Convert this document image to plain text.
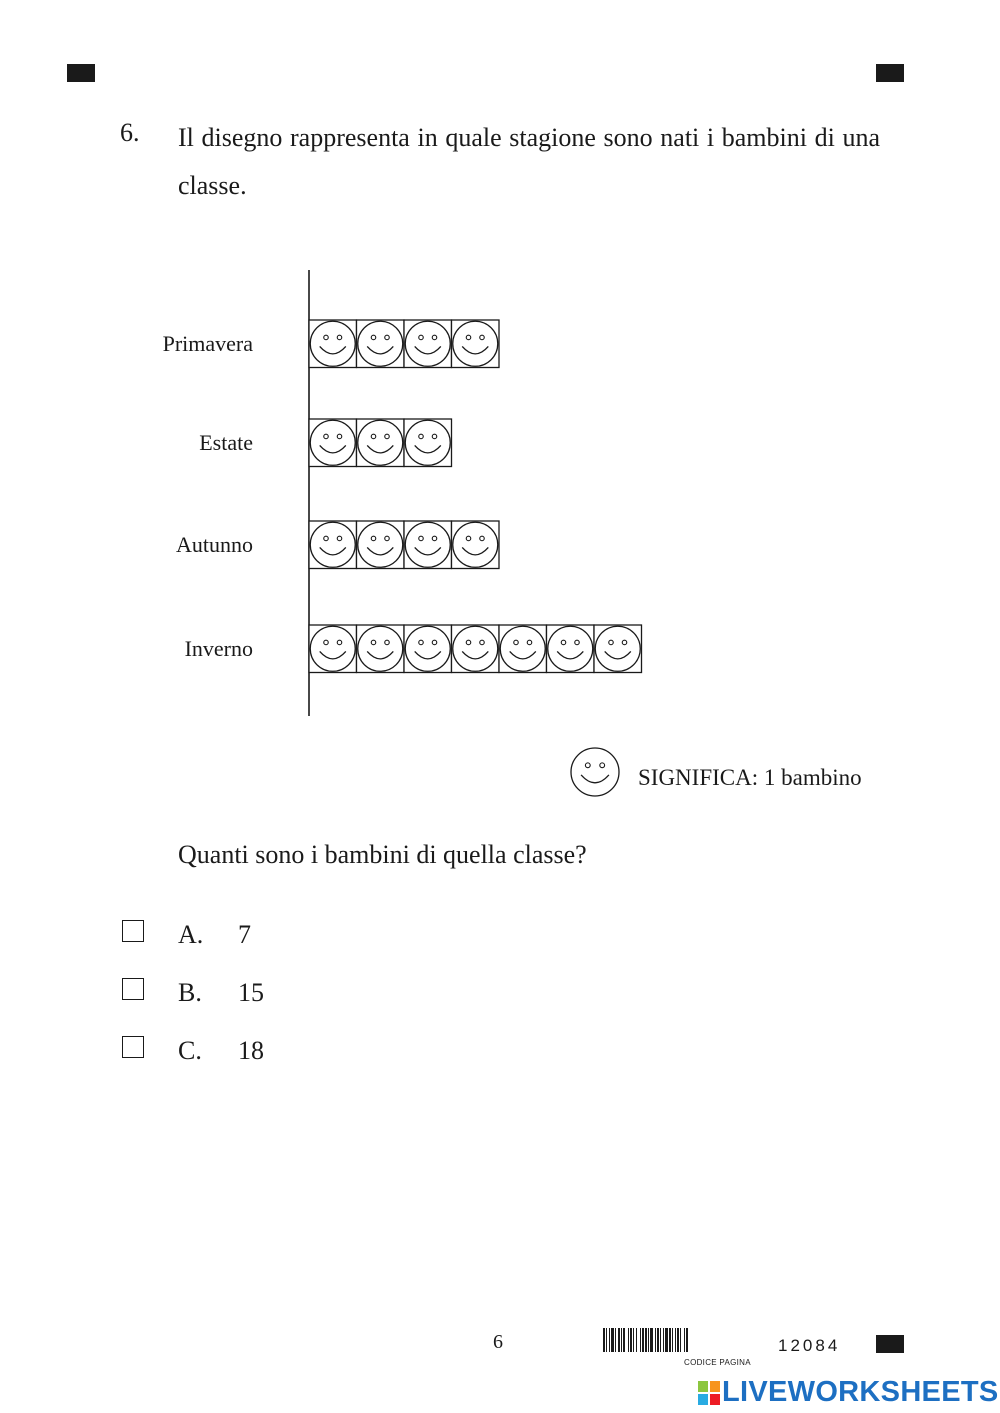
6. Il disegno rappresenta in quale stagione sono nati i bambini di una classe.
Primavera
Estate
Autunno
Inverno
SIGNIFICA: 1 bambino
Quanti sono i bambini di quella classe?
A. 7
B. 15
C. 18
6
CODICE PAGINA
12084
LIVEWORKSHEETS
